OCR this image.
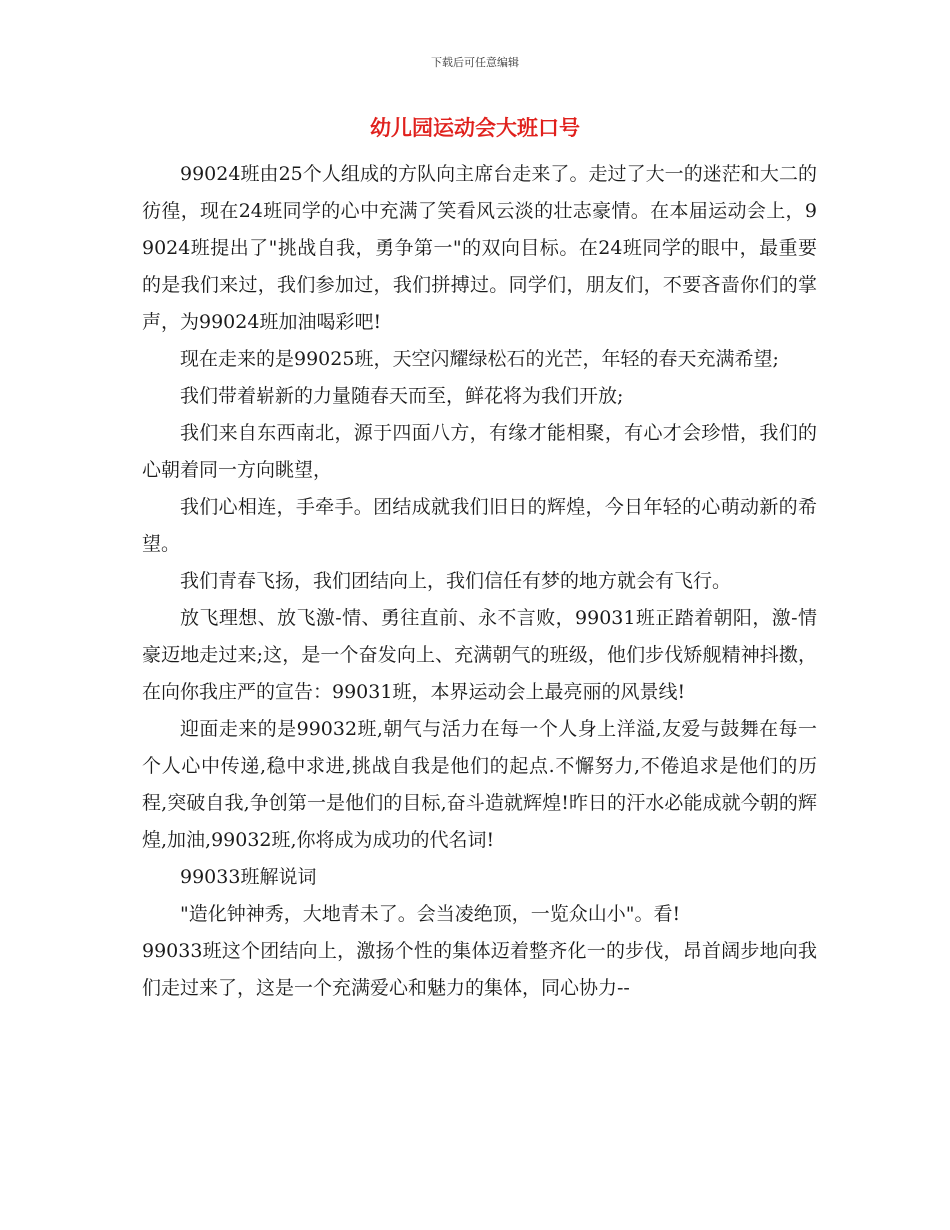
下载后可任意编辑
幼儿园运动会大班口号

99024班由25个人组成的方队向主席台走来了。走过了大一的迷茫和大二的彷徨，现在24班同学的心中充满了笑看风云淡的壮志豪情。在本届运动会上，99024班提出了"挑战自我，勇争第一"的双向目标。在24班同学的眼中，最重要的是我们来过，我们参加过，我们拼搏过。同学们，朋友们，不要吝啬你们的掌声，为99024班加油喝彩吧!

现在走来的是99025班，天空闪耀绿松石的光芒，年轻的春天充满希望;

我们带着崭新的力量随春天而至，鲜花将为我们开放;

我们来自东西南北，源于四面八方，有缘才能相聚，有心才会珍惜，我们的心朝着同一方向眺望，

我们心相连，手牵手。团结成就我们旧日的辉煌，今日年轻的心萌动新的希望。

我们青春飞扬，我们团结向上，我们信任有梦的地方就会有飞行。

放飞理想、放飞激-情、勇往直前、永不言败，99031班正踏着朝阳，激-情豪迈地走过来;这，是一个奋发向上、充满朝气的班级，他们步伐矫舰精神抖擞，在向你我庄严的宣告：99031班，本界运动会上最亮丽的风景线!

迎面走来的是99032班,朝气与活力在每一个人身上洋溢,友爱与鼓舞在每一个人心中传递,稳中求进,挑战自我是他们的起点.不懈努力,不倦追求是他们的历程,突破自我,争创第一是他们的目标,奋斗造就辉煌!昨日的汗水必能成就今朝的辉煌,加油,99032班,你将成为成功的代名词!

99033班解说词

"造化钟神秀，大地青未了。会当凌绝顶，一览众山小"。看!

99033班这个团结向上，激扬个性的集体迈着整齐化一的步伐，昂首阔步地向我们走过来了，这是一个充满爱心和魅力的集体，同心协力--
